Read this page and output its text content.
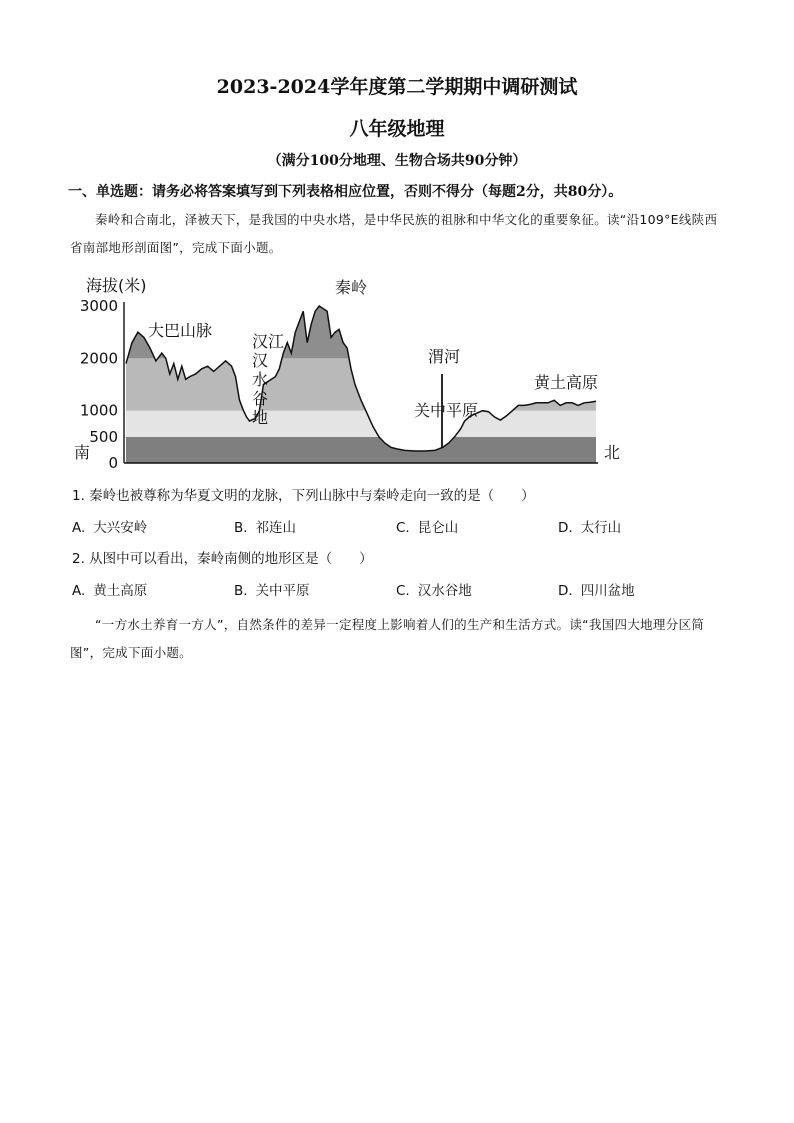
2023-2024学年度第二学期期中调研测试
八年级地理
（满分100分地理、生物合场共90分钟）
一、单选题：请务必将答案填写到下列表格相应位置，否则不得分（每题2分，共80分）。
秦岭和合南北，泽被天下，是我国的中央水塔，是中华民族的祖脉和中华文化的重要象征。读“沿109°E线陕西省南部地形剖面图”，完成下面小题。
海拔(米)
0
500
1000
2000
3000
南	北
大巴山脉
汉江
汉
水
谷
地
秦岭
渭河
关中平原
黄土高原
1. 秦岭也被尊称为华夏文明的龙脉，下列山脉中与秦岭走向一致的是（　　）
A. 大兴安岭	B. 祁连山	C. 昆仑山	D. 太行山
2. 从图中可以看出，秦岭南侧的地形区是（　　）
A. 黄土高原	B. 关中平原	C. 汉水谷地	D. 四川盆地
“一方水土养育一方人”，自然条件的差异一定程度上影响着人们的生产和生活方式。读“我国四大地理分区简图”，完成下面小题。
